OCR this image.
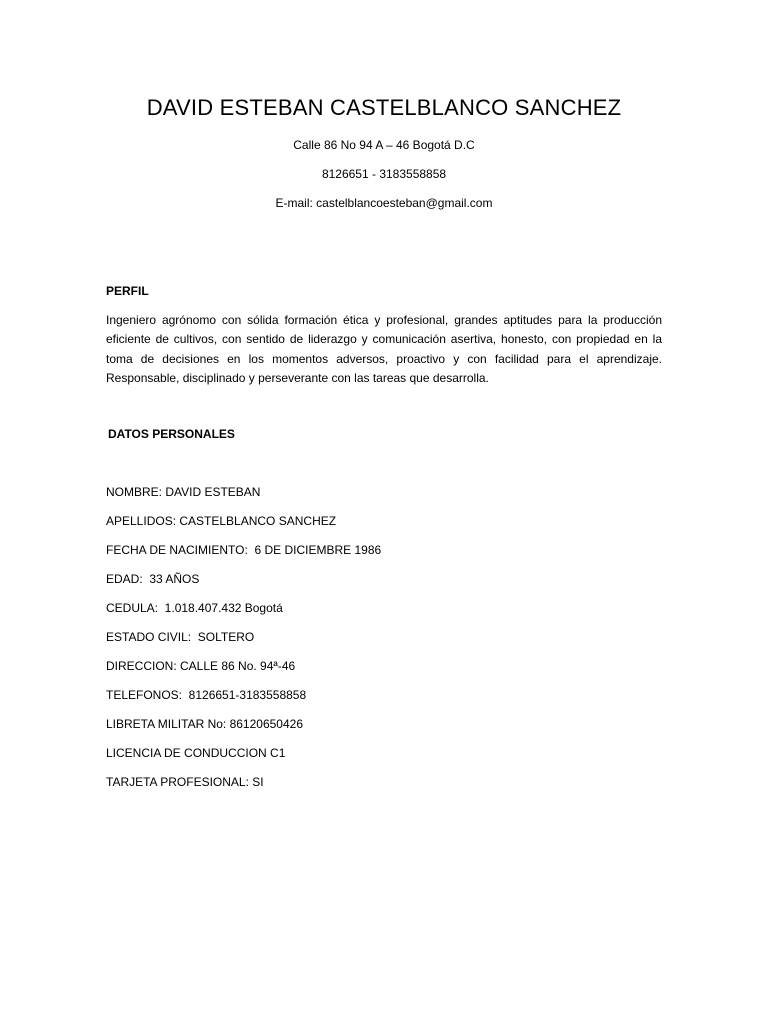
DAVID ESTEBAN CASTELBLANCO SANCHEZ
Calle 86 No 94 A – 46 Bogotá D.C
8126651 - 3183558858
E-mail: castelblancoesteban@gmail.com
PERFIL
Ingeniero agrónomo con sólida formación ética y profesional, grandes aptitudes para la producción eficiente de cultivos, con sentido de liderazgo y comunicación asertiva, honesto, con propiedad en la toma de decisiones en los momentos adversos, proactivo y con facilidad para el aprendizaje. Responsable, disciplinado y perseverante con las tareas que desarrolla.
DATOS PERSONALES
NOMBRE: DAVID ESTEBAN
APELLIDOS: CASTELBLANCO SANCHEZ
FECHA DE NACIMIENTO:  6 DE DICIEMBRE 1986
EDAD:  33 AÑOS
CEDULA:  1.018.407.432 Bogotá
ESTADO CIVIL:  SOLTERO
DIRECCION: CALLE 86 No. 94ª-46
TELEFONOS:  8126651-3183558858
LIBRETA MILITAR No: 86120650426
LICENCIA DE CONDUCCION C1
TARJETA PROFESIONAL: SI
